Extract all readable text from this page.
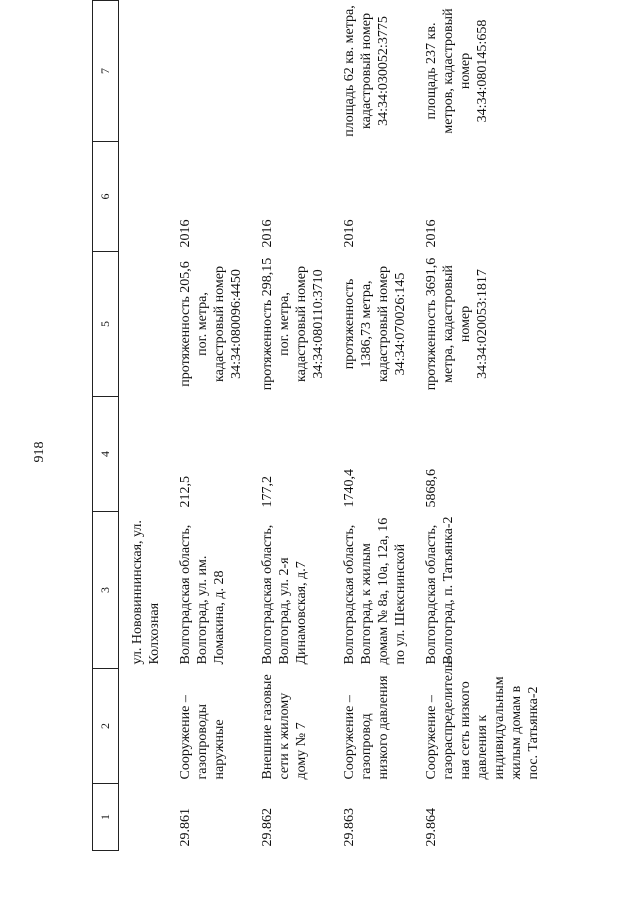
918
1	2	3	4	5	6	7
		ул. Нововиннинская, ул. Колхозная				
29.861	Сооружение – газопроводы наружные	Волгоградская область, Волгоград, ул. им. Ломакина, д. 28	212,5	протяженность 205,6 пог. метра, кадастровый номер 34:34:080096:4450	2016	
29.862	Внешние газовые сети к жилому дому № 7	Волгоградская область, Волгоград, ул. 2-я Динамовская, д.7	177,2	протяженность 298,15 пог. метра, кадастровый номер 34:34:080110:3710	2016	
29.863	Сооружение – газопровод низкого давления	Волгоградская область, Волгоград, к жилым домам № 8а, 10а, 12а, 16 по ул. Шекснинской	1740,4	протяженность 1386,73 метра, кадастровый номер 34:34:070026:145	2016	площадь 62 кв. метра, кадастровый номер 34:34:030052:3775
29.864	Сооружение – газораспределитель-ная сеть низкого давления к индивидуальным жилым домам в пос. Татьянка-2	Волгоградская область, Волгоград, п. Татьянка-2	5868,6	протяженность 3691,6 метра, кадастровый номер 34:34:020053:1817	2016	площадь 237 кв. метров, кадастровый номер 34:34:080145:658
